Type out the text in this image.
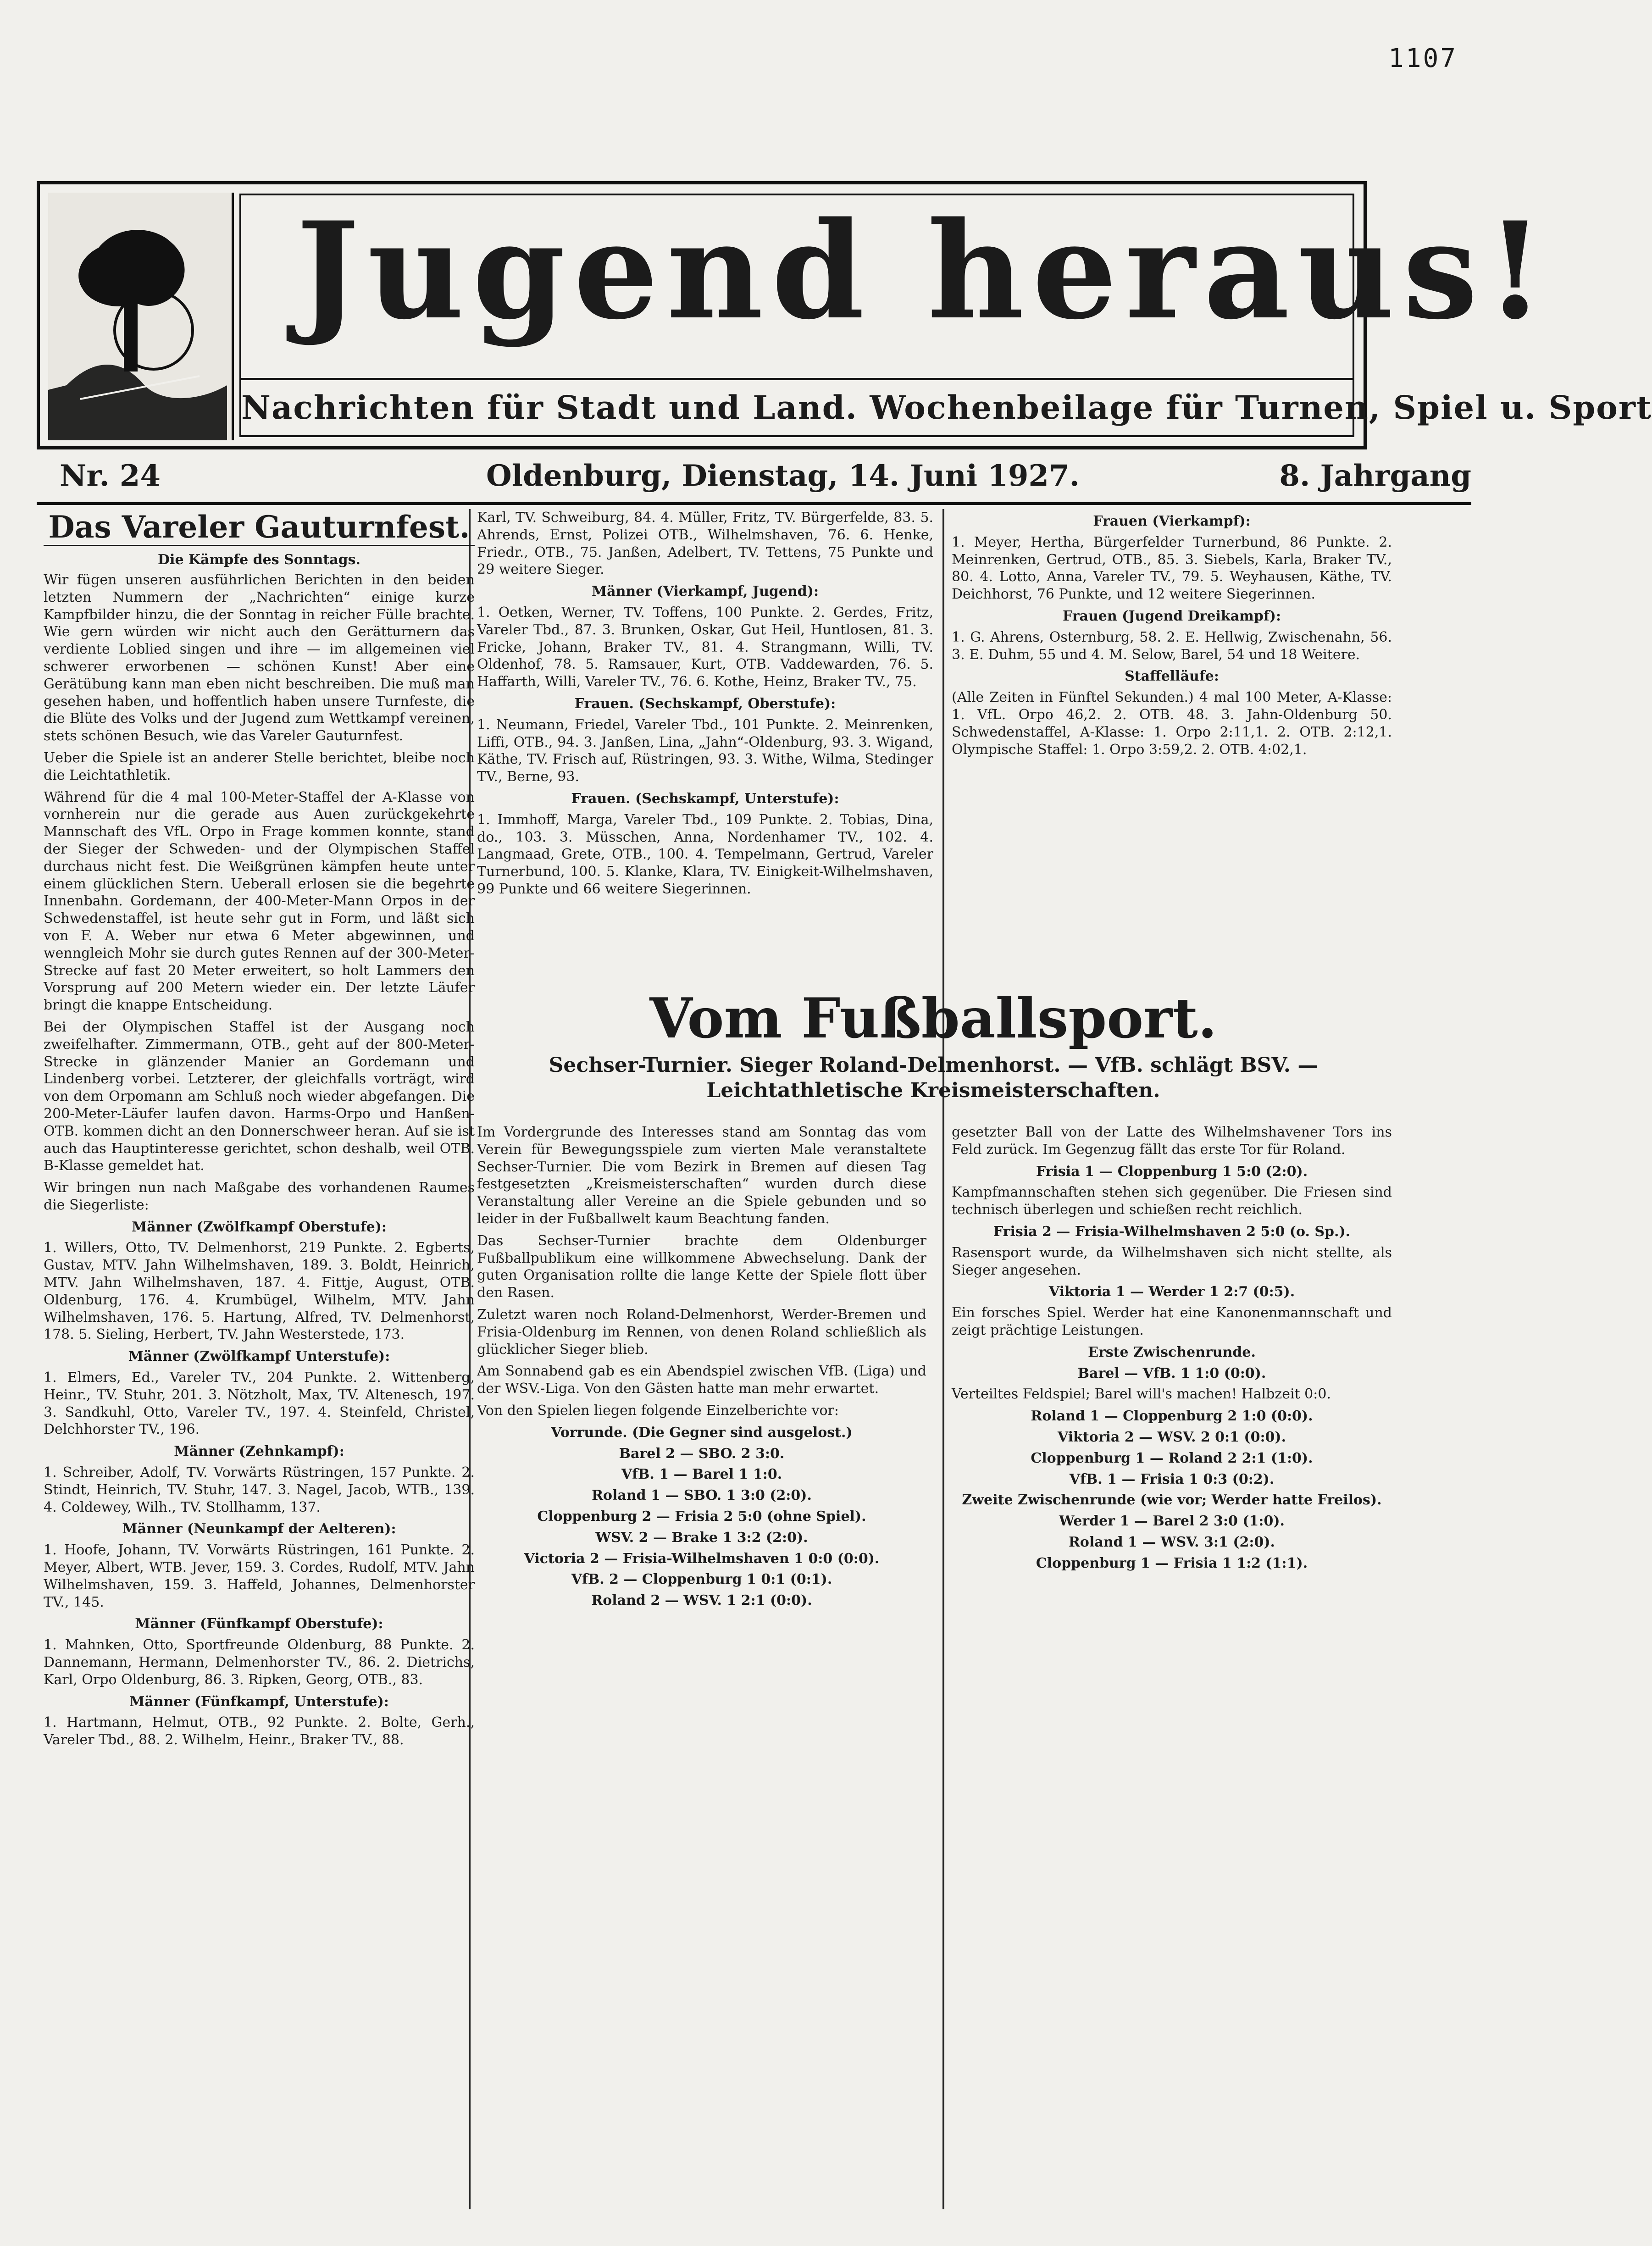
1107
Jugend heraus!
Nachrichten für Stadt und Land. Wochenbeilage für Turnen, Spiel u. Sport
Nr. 24	Oldenburg, Dienstag, 14. Juni 1927.	8. Jahrgang
Das Vareler Gauturnfest.
Die Kämpfe des Sonntags.

Wir fügen unseren ausführlichen Berichten in den beiden letzten Nummern der „Nachrichten“ einige kurze Kampfbilder hinzu, die der Sonntag in reicher Fülle brachte. Wie gern würden wir nicht auch den Gerätturnern das verdiente Loblied singen und ihre — im allgemeinen viel schwerer erworbenen — schönen Kunst! Aber eine Gerätübung kann man eben nicht beschreiben. Die muß man gesehen haben, und hoffentlich haben unsere Turnfeste, die die Blüte des Volks und der Jugend zum Wettkampf vereinen, stets schönen Besuch, wie das Vareler Gauturnfest.

Ueber die Spiele ist an anderer Stelle berichtet, bleibe noch die Leichtathletik.

Während für die 4 mal 100-Meter-Staffel der A-Klasse von vornherein nur die gerade aus Auen zurückgekehrte Mannschaft des VfL. Orpo in Frage kommen konnte, stand der Sieger der Schweden- und der Olympischen Staffel durchaus nicht fest. Die Weißgrünen kämpfen heute unter einem glücklichen Stern. Ueberall erlosen sie die begehrte Innenbahn. Gordemann, der 400-Meter-Mann Orpos in der Schwedenstaffel, ist heute sehr gut in Form, und läßt sich von F. A. Weber nur etwa 6 Meter abgewinnen, und wenngleich Mohr sie durch gutes Rennen auf der 300-Meter-Strecke auf fast 20 Meter erweitert, so holt Lammers den Vorsprung auf 200 Metern wieder ein. Der letzte Läufer bringt die knappe Entscheidung.

Bei der Olympischen Staffel ist der Ausgang noch zweifelhafter. Zimmermann, OTB., geht auf der 800-Meter-Strecke in glänzender Manier an Gordemann und Lindenberg vorbei. Letzterer, der gleichfalls vorträgt, wird von dem Orpomann am Schluß noch wieder abgefangen. Die 200-Meter-Läufer laufen davon. Harms-Orpo und Hanßen-OTB. kommen dicht an den Donnerschweer heran. Auf sie ist auch das Hauptinteresse gerichtet, schon deshalb, weil OTB. B-Klasse gemeldet hat.

Wir bringen nun nach Maßgabe des vorhandenen Raumes die Siegerliste:

Männer (Zwölfkampf Oberstufe):

1. Willers, Otto, TV. Delmenhorst, 219 Punkte. 2. Egberts, Gustav, MTV. Jahn Wilhelmshaven, 189. 3. Boldt, Heinrich, MTV. Jahn Wilhelmshaven, 187. 4. Fittje, August, OTB. Oldenburg, 176. 4. Krumbügel, Wilhelm, MTV. Jahn Wilhelmshaven, 176. 5. Hartung, Alfred, TV. Delmenhorst, 178. 5. Sieling, Herbert, TV. Jahn Westerstede, 173.

Männer (Zwölfkampf Unterstufe):

1. Elmers, Ed., Vareler TV., 204 Punkte. 2. Wittenberg, Heinr., TV. Stuhr, 201. 3. Nötzholt, Max, TV. Altenesch, 197. 3. Sandkuhl, Otto, Vareler TV., 197. 4. Steinfeld, Christel, Delchhorster TV., 196.

Männer (Zehnkampf):

1. Schreiber, Adolf, TV. Vorwärts Rüstringen, 157 Punkte. 2. Stindt, Heinrich, TV. Stuhr, 147. 3. Nagel, Jacob, WTB., 139. 4. Coldewey, Wilh., TV. Stollhamm, 137.

Männer (Neunkampf der Aelteren):

1. Hoofe, Johann, TV. Vorwärts Rüstringen, 161 Punkte. 2. Meyer, Albert, WTB. Jever, 159. 3. Cordes, Rudolf, MTV. Jahn Wilhelmshaven, 159. 3. Haffeld, Johannes, Delmenhorster TV., 145.

Männer (Fünfkampf Oberstufe):

1. Mahnken, Otto, Sportfreunde Oldenburg, 88 Punkte. 2. Dannemann, Hermann, Delmenhorster TV., 86. 2. Dietrichs, Karl, Orpo Oldenburg, 86. 3. Ripken, Georg, OTB., 83.

Männer (Fünfkampf, Unterstufe):

1. Hartmann, Helmut, OTB., 92 Punkte. 2. Bolte, Gerh., Vareler Tbd., 88. 2. Wilhelm, Heinr., Braker TV., 88.

Karl, TV. Schweiburg, 84. 4. Müller, Fritz, TV. Bürgerfelde, 83. 5. Ahrends, Ernst, Polizei OTB., Wilhelmshaven, 76. 6. Henke, Friedr., OTB., 75. Janßen, Adelbert, TV. Tettens, 75 Punkte und 29 weitere Sieger.

Männer (Vierkampf, Jugend):

1. Oetken, Werner, TV. Toffens, 100 Punkte. 2. Gerdes, Fritz, Vareler Tbd., 87. 3. Brunken, Oskar, Gut Heil, Huntlosen, 81. 3. Fricke, Johann, Braker TV., 81. 4. Strangmann, Willi, TV. Oldenhof, 78. 5. Ramsauer, Kurt, OTB. Vaddewarden, 76. 5. Haffarth, Willi, Vareler TV., 76. 6. Kothe, Heinz, Braker TV., 75.

Frauen. (Sechskampf, Oberstufe):

1. Neumann, Friedel, Vareler Tbd., 101 Punkte. 2. Meinrenken, Liffi, OTB., 94. 3. Janßen, Lina, „Jahn“-Oldenburg, 93. 3. Wigand, Käthe, TV. Frisch auf, Rüstringen, 93. 3. Withe, Wilma, Stedinger TV., Berne, 93.

Frauen. (Sechskampf, Unterstufe):

1. Immhoff, Marga, Vareler Tbd., 109 Punkte. 2. Tobias, Dina, do., 103. 3. Müsschen, Anna, Nordenhamer TV., 102. 4. Langmaad, Grete, OTB., 100. 4. Tempelmann, Gertrud, Vareler Turnerbund, 100. 5. Klanke, Klara, TV. Einigkeit-Wilhelmshaven, 99 Punkte und 66 weitere Siegerinnen.

Frauen (Vierkampf):

1. Meyer, Hertha, Bürgerfelder Turnerbund, 86 Punkte. 2. Meinrenken, Gertrud, OTB., 85. 3. Siebels, Karla, Braker TV., 80. 4. Lotto, Anna, Vareler TV., 79. 5. Weyhausen, Käthe, TV. Deichhorst, 76 Punkte, und 12 weitere Siegerinnen.

Frauen (Jugend Dreikampf):

1. G. Ahrens, Osternburg, 58. 2. E. Hellwig, Zwischenahn, 56. 3. E. Duhm, 55 und 4. M. Selow, Barel, 54 und 18 Weitere.

Staffelläufe:

(Alle Zeiten in Fünftel Sekunden.) 4 mal 100 Meter, A-Klasse: 1. VfL. Orpo 46,2. 2. OTB. 48. 3. Jahn-Oldenburg 50. Schwedenstaffel, A-Klasse: 1. Orpo 2:11,1. 2. OTB. 2:12,1. Olympische Staffel: 1. Orpo 3:59,2. 2. OTB. 4:02,1.

Vom Fußballsport.
Sechser-Turnier. Sieger Roland-Delmenhorst. — VfB. schlägt BSV. — Leichtathletische Kreismeisterschaften.

Im Vordergrunde des Interesses stand am Sonntag das vom Verein für Bewegungsspiele zum vierten Male veranstaltete Sechser-Turnier. Die vom Bezirk in Bremen auf diesen Tag festgesetzten „Kreismeisterschaften“ wurden durch diese Veranstaltung aller Vereine an die Spiele gebunden und so leider in der Fußballwelt kaum Beachtung fanden.

Das Sechser-Turnier brachte dem Oldenburger Fußballpublikum eine willkommene Abwechselung. Dank der guten Organisation rollte die lange Kette der Spiele flott über den Rasen.

Zuletzt waren noch Roland-Delmenhorst, Werder-Bremen und Frisia-Oldenburg im Rennen, von denen Roland schließlich als glücklicher Sieger blieb.

Am Sonnabend gab es ein Abendspiel zwischen VfB. (Liga) und der WSV.-Liga. Von den Gästen hatte man mehr erwartet.

Von den Spielen liegen folgende Einzelberichte vor:

Vorrunde. (Die Gegner sind ausgelost.)
Barel 2 — SBO. 2 3:0.
VfB. 1 — Barel 1 1:0.
Roland 1 — SBO. 1 3:0 (2:0).
Cloppenburg 2 — Frisia 2 5:0 (ohne Spiel).
WSV. 2 — Brake 1 3:2 (2:0).
Victoria 2 — Frisia-Wilhelmshaven 1 0:0 (0:0).
VfB. 2 — Cloppenburg 1 0:1 (0:1).
Roland 2 — WSV. 1 2:1 (0:0).

gesetzter Ball von der Latte des Wilhelmshavener Tors ins Feld zurück. Im Gegenzug fällt das erste Tor für Roland.

Frisia 1 — Cloppenburg 1 5:0 (2:0).

Kampfmannschaften stehen sich gegenüber. Die Friesen sind technisch überlegen und schießen recht reichlich.

Frisia 2 — Frisia-Wilhelmshaven 2 5:0 (o. Sp.).

Rasensport wurde, da Wilhelmshaven sich nicht stellte, als Sieger angesehen.

Viktoria 1 — Werder 1 2:7 (0:5).

Ein forsches Spiel. Werder hat eine Kanonenmannschaft und zeigt prächtige Leistungen.

Erste Zwischenrunde.
Barel — VfB. 1 1:0 (0:0).

Verteiltes Feldspiel; Barel will's machen! Halbzeit 0:0.

Roland 1 — Cloppenburg 2 1:0 (0:0).
Viktoria 2 — WSV. 2 0:1 (0:0).
Cloppenburg 1 — Roland 2 2:1 (1:0).
VfB. 1 — Frisia 1 0:3 (0:2).
Zweite Zwischenrunde (wie vor; Werder hatte Freilos).
Werder 1 — Barel 2 3:0 (1:0).
Roland 1 — WSV. 3:1 (2:0).
Cloppenburg 1 — Frisia 1 1:2 (1:1).
